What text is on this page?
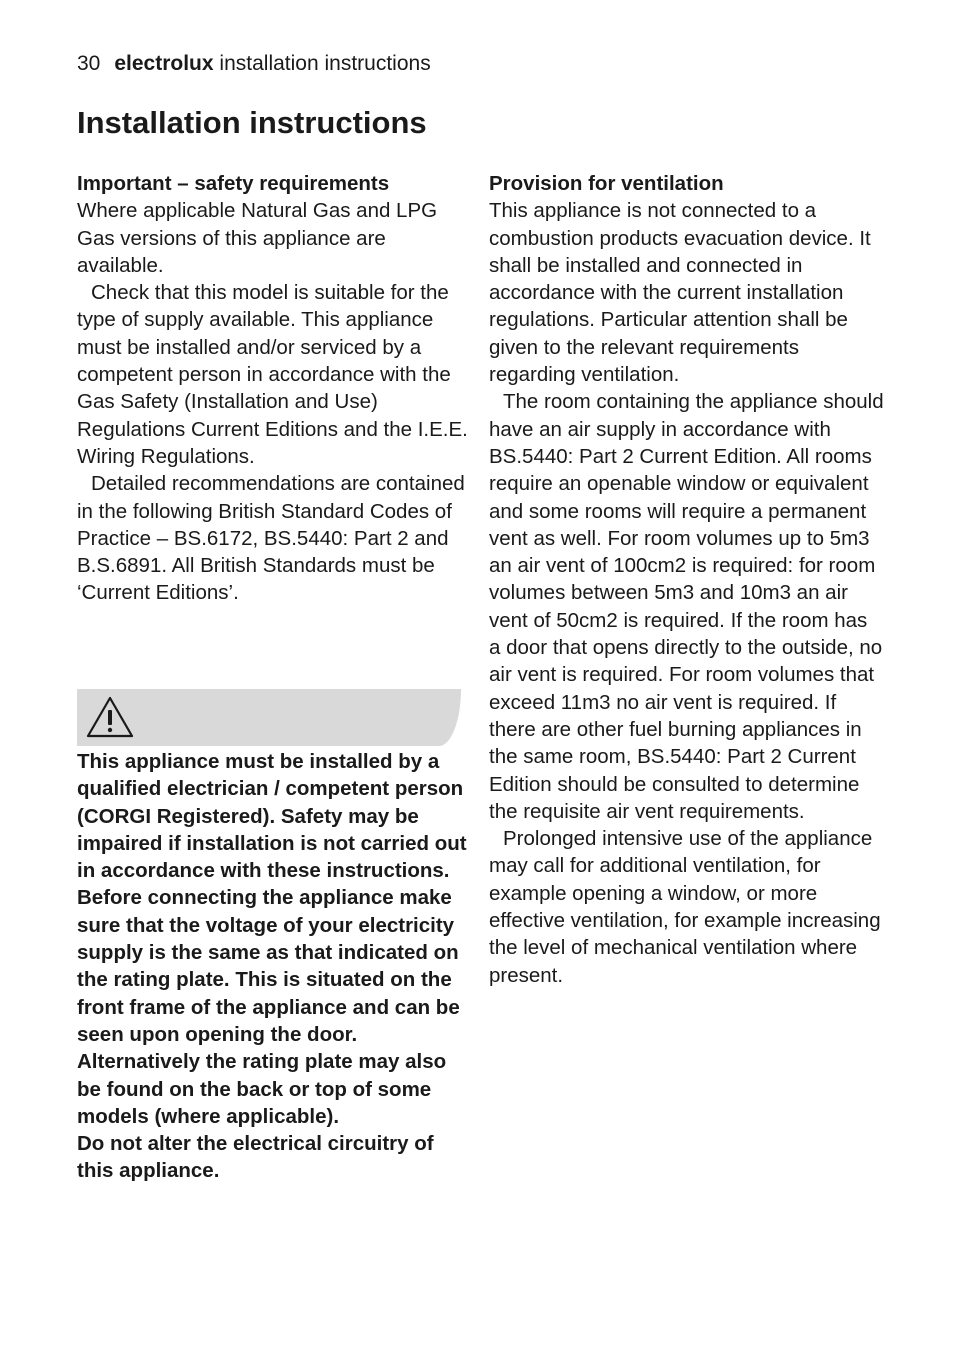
30 electrolux installation instructions
Installation instructions

Important – safety requirements

Where applicable Natural Gas and LPG Gas versions of this appliance are available.

Check that this model is suitable for the type of supply available. This appliance must be installed and/or serviced by a competent person in accordance with the Gas Safety (Installation and Use) Regulations Current Editions and the I.E.E. Wiring Regulations.

Detailed recommendations are contained in the following British Standard Codes of Practice – BS.6172, BS.5440: Part 2 and B.S.6891. All British Standards must be ‘Current Editions’.

This appliance must be installed by a qualified electrician / competent person (CORGI Registered). Safety may be impaired if installation is not carried out in accordance with these instructions.

Before connecting the appliance make sure that the voltage of your electricity supply is the same as that indicated on the rating plate. This is situated on the front frame of the appliance and can be seen upon opening the door.

Alternatively the rating plate may also be found on the back or top of some models (where applicable).

Do not alter the electrical circuitry of this appliance.

Provision for ventilation

This appliance is not connected to a combustion products evacuation device. It shall be installed and connected in accordance with the current installation regulations. Particular attention shall be given to the relevant requirements regarding ventilation.

The room containing the appliance should have an air supply in accordance with BS.5440: Part 2 Current Edition. All rooms require an openable window or equivalent and some rooms will require a permanent vent as well. For room volumes up to 5m3 an air vent of 100cm2 is required: for room volumes between 5m3 and 10m3 an air vent of 50cm2 is required. If the room has a door that opens directly to the outside, no air vent is required. For room volumes that exceed 11m3 no air vent is required. If there are other fuel burning appliances in the same room, BS.5440: Part 2 Current Edition should be consulted to determine the requisite air vent requirements.

Prolonged intensive use of the appliance may call for additional ventilation, for example opening a window, or more effective ventilation, for example increasing the level of mechanical ventilation where present.
